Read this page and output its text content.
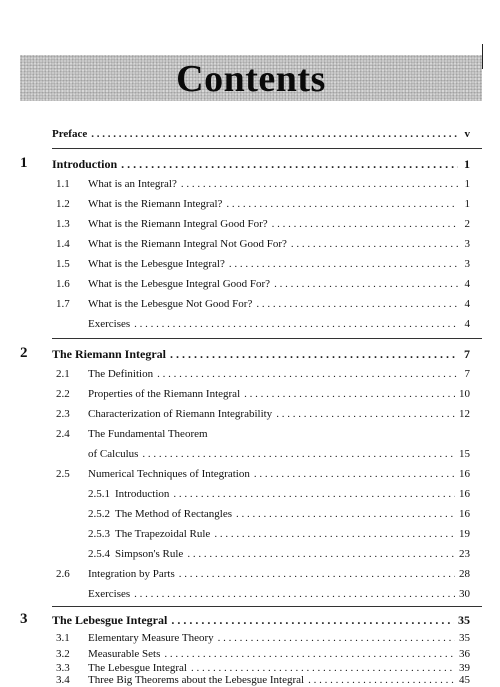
Contents
Preface . . .	v
1 Introduction . . .	1
1.1	What is an Integral? . . .	1
1.2	What is the Riemann Integral? . . .	1
1.3	What is the Riemann Integral Good For? . . .	2
1.4	What is the Riemann Integral Not Good For? . . .	3
1.5	What is the Lebesgue Integral? . . .	3
1.6	What is the Lebesgue Integral Good For? . . .	4
1.7	What is the Lebesgue Not Good For? . . .	4
Exercises . . .	4
2 The Riemann Integral . . .	7
2.1	The Definition . . .	7
2.2	Properties of the Riemann Integral . . .	10
2.3	Characterization of Riemann Integrability . . .	12
2.4	The Fundamental Theorem
of Calculus . . .	15
2.5	Numerical Techniques of Integration . . .	16
2.5.1 Introduction . . .	16
2.5.2 The Method of Rectangles . . .	16
2.5.3 The Trapezoidal Rule . . .	19
2.5.4 Simpson's Rule . . .	23
2.6	Integration by Parts . . .	28
Exercises . . .	30
3 The Lebesgue Integral . . .	35
3.1	Elementary Measure Theory . . .	35
3.2	Measurable Sets . . .	36
3.3	The Lebesgue Integral . . .	39
3.4	Three Big Theorems about the Lebesgue Integral . . .	45
